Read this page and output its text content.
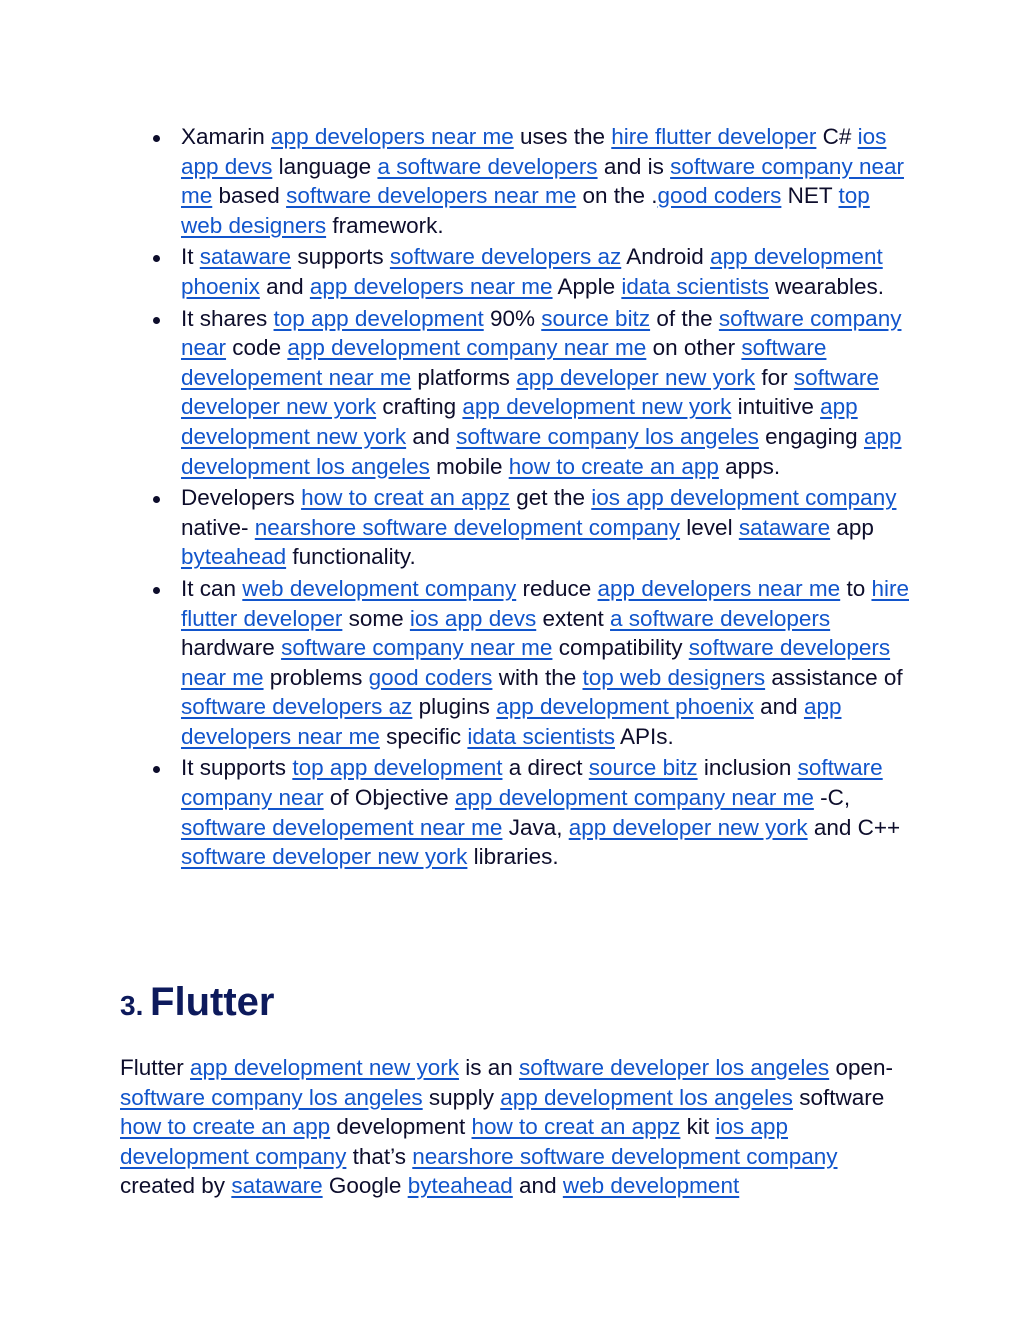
Xamarin app developers near me uses the hire flutter developer C# ios app devs language a software developers and is software company near me based software developers near me on the .good coders NET top web designers framework.
It sataware supports software developers az Android app development phoenix and app developers near me Apple idata scientists wearables.
It shares top app development 90% source bitz of the software company near code app development company near me on other software developement near me platforms app developer new york for software developer new york crafting app development new york intuitive app development new york and software company los angeles engaging app development los angeles mobile how to create an app apps.
Developers how to creat an appz get the ios app development company native- nearshore software development company level sataware app byteahead functionality.
It can web development company reduce app developers near me to hire flutter developer some ios app devs extent a software developers hardware software company near me compatibility software developers near me problems good coders with the top web designers assistance of software developers az plugins app development phoenix and app developers near me specific idata scientists APIs.
It supports top app development a direct source bitz inclusion software company near of Objective app development company near me -C, software developement near me Java, app developer new york and C++ software developer new york libraries.
3. Flutter

Flutter app development new york is an software developer los angeles open- software company los angeles supply app development los angeles software how to create an app development how to creat an appz kit ios app development company that’s nearshore software development company created by sataware Google byteahead and web development
